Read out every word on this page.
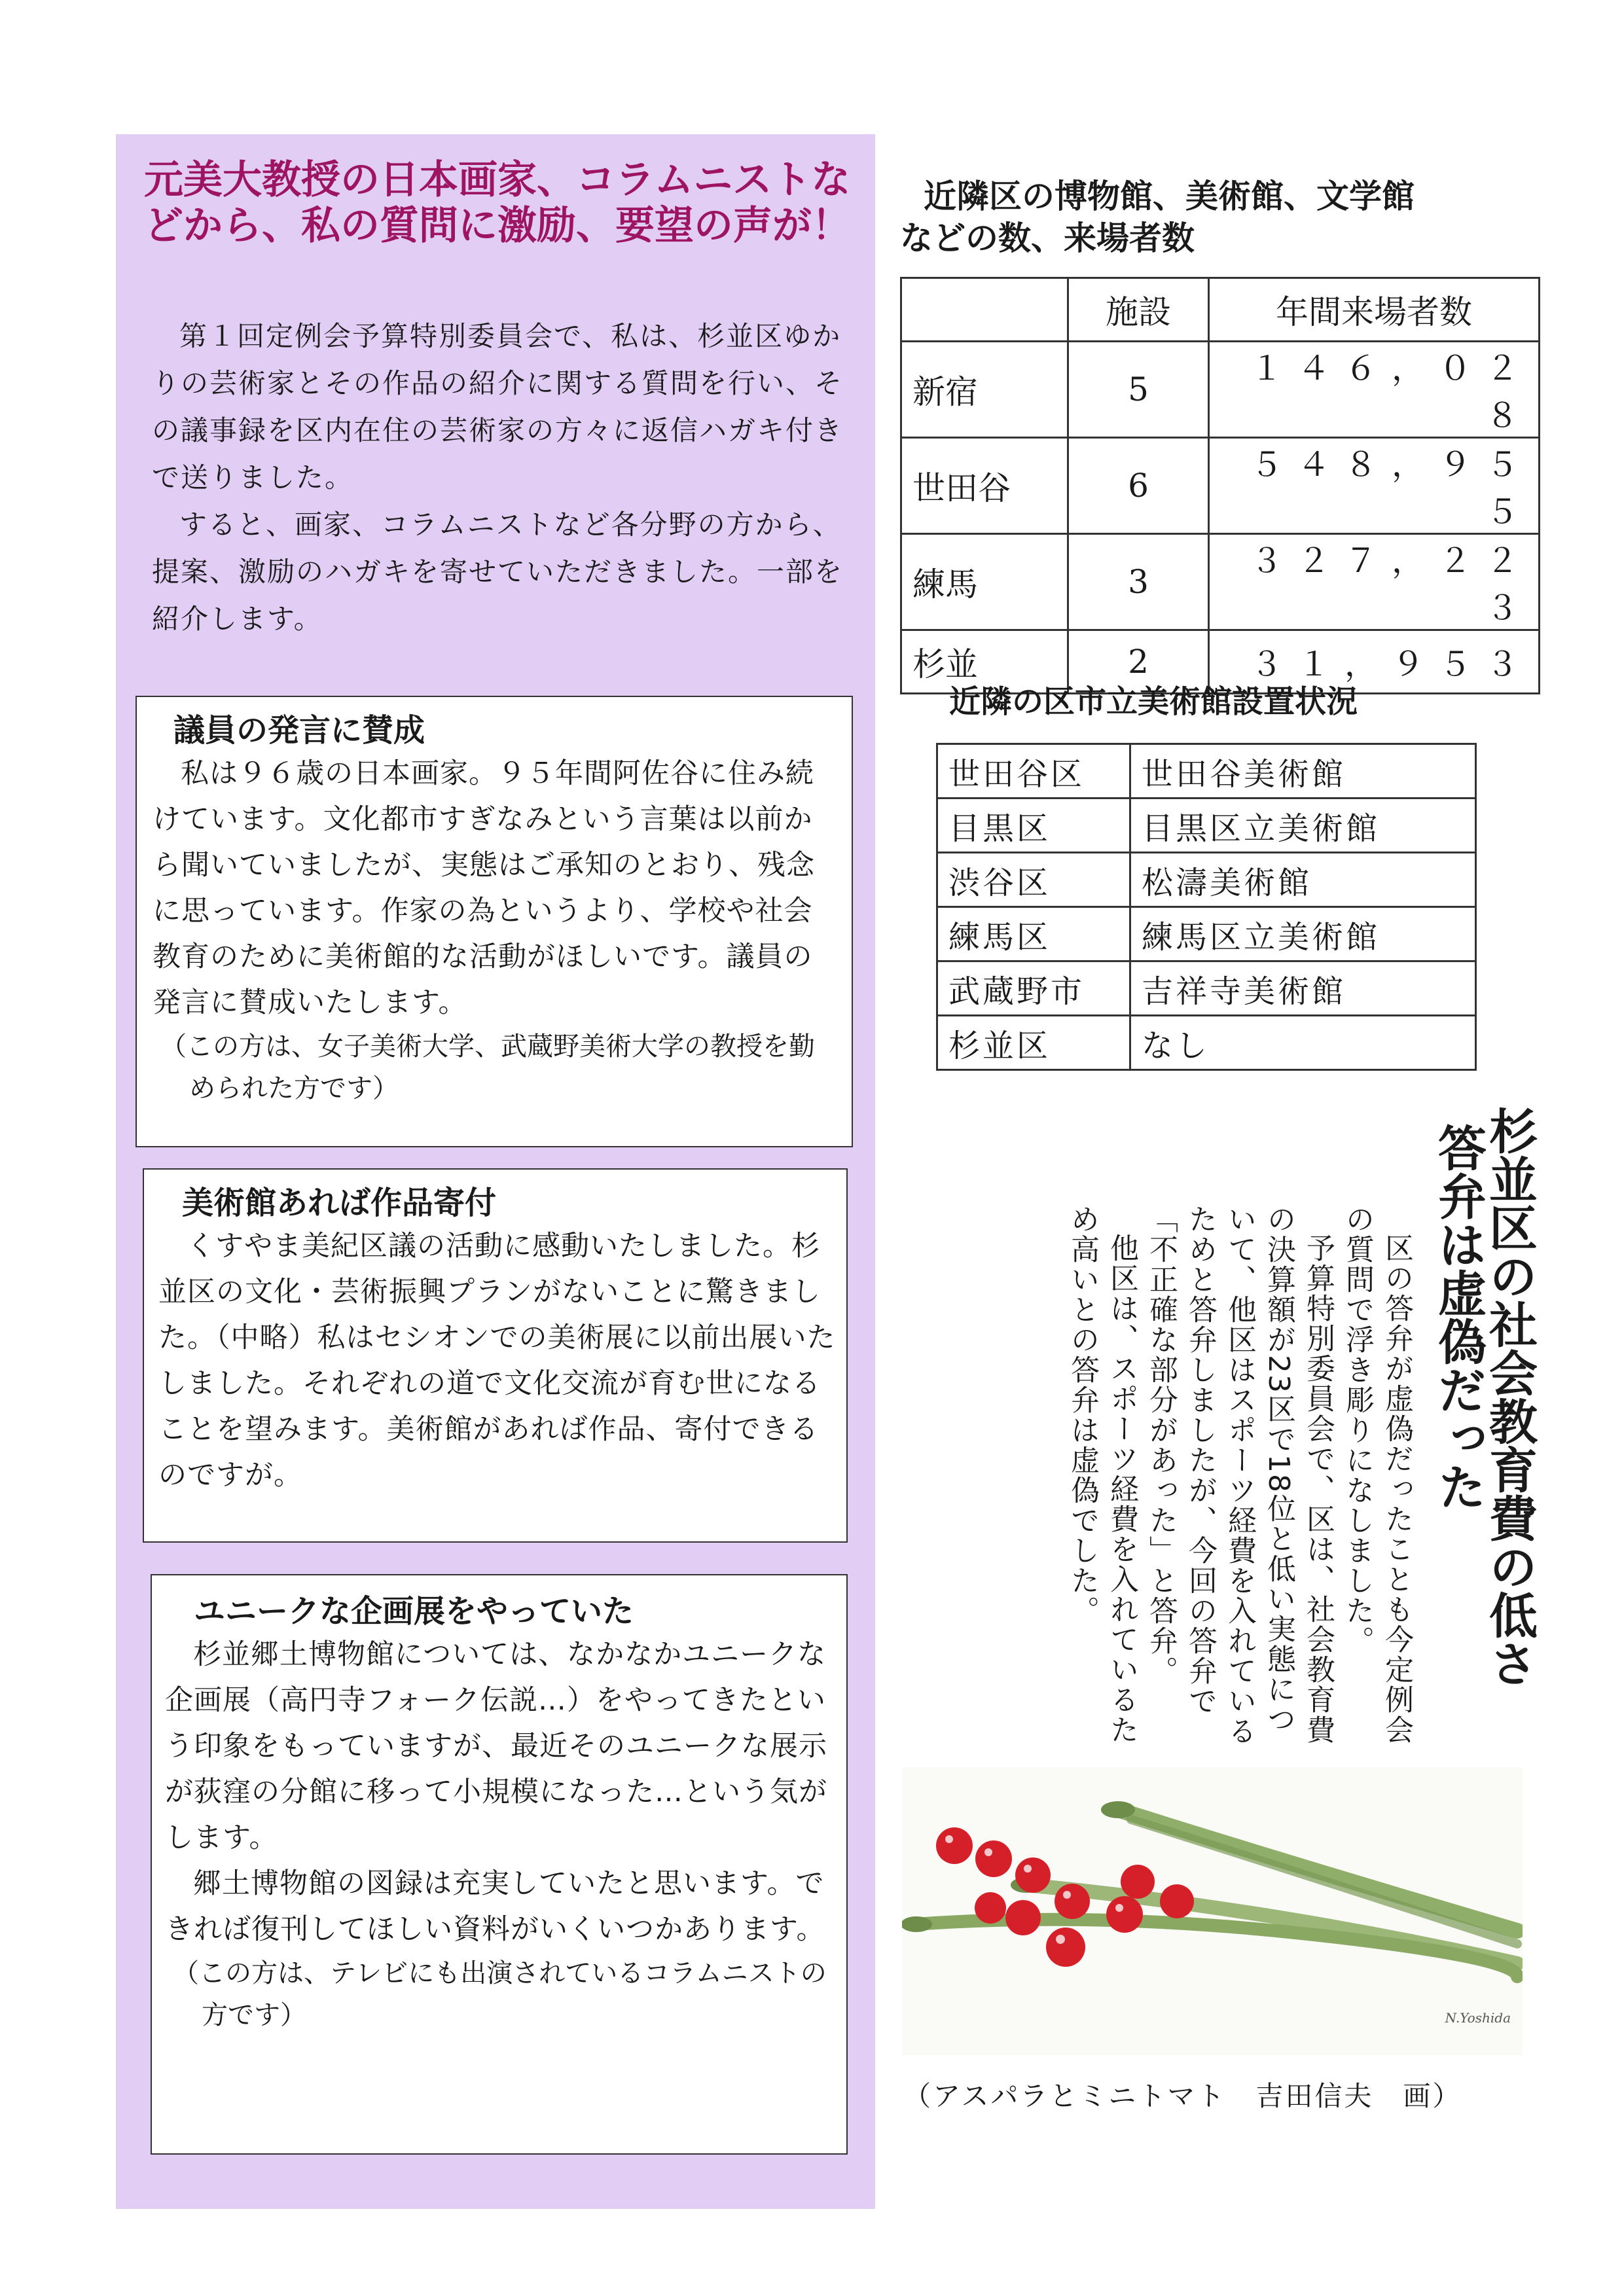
元美大教授の日本画家、コラムニストなどから、私の質問に激励、要望の声が！

第１回定例会予算特別委員会で、私は、杉並区ゆかりの芸術家とその作品の紹介に関する質問を行い、その議事録を区内在住の芸術家の方々に返信ハガキ付きで送りました。

すると、画家、コラムニストなど各分野の方から、提案、激励のハガキを寄せていただきました。一部を紹介します。

議員の発言に賛成

私は９６歳の日本画家。９５年間阿佐谷に住み続けています。文化都市すぎなみという言葉は以前から聞いていましたが、実態はご承知のとおり、残念に思っています。作家の為というより、学校や社会教育のために美術館的な活動がほしいです。議員の発言に賛成いたします。

（この方は、女子美術大学、武蔵野美術大学の教授を勤められた方です）

美術館あれば作品寄付

くすやま美紀区議の活動に感動いたしました。杉並区の文化・芸術振興プランがないことに驚きました。（中略）私はセシオンでの美術展に以前出展いたしました。それぞれの道で文化交流が育む世になることを望みます。美術館があれば作品、寄付できるのですが。

ユニークな企画展をやっていた

杉並郷土博物館については、なかなかユニークな企画展（高円寺フォーク伝説…）をやってきたという印象をもっていますが、最近そのユニークな展示が荻窪の分館に移って小規模になった…という気がします。

郷土博物館の図録は充実していたと思います。できれば復刊してほしい資料がいくいつかあります。

（この方は、テレビにも出演されているコラムニストの方です）

近隣区の博物館、美術館、文学館
などの数、来場者数
	施設	年間来場者数
新宿	5	１４６，０２８
世田谷	6	５４８，９５５
練馬	3	３２７，２２３
杉並	2	３１，９５３
近隣の区市立美術館設置状況
世田谷区	世田谷美術館
目黒区	目黒区立美術館
渋谷区	松濤美術館
練馬区	練馬区立美術館
武蔵野市	吉祥寺美術館
杉並区	なし
杉並区の社会教育費の低さ
答弁は虚偽だった

区の答弁が虚偽だったことも今定例会の質問で浮き彫りになしました。

予算特別委員会で、区は、社会教育費の決算額が23区で18位と低い実態について、他区はスポーツ経費を入れているためと答弁しましたが、今回の答弁で「不正確な部分があった」と答弁。

他区は、スポーツ経費を入れているため高いとの答弁は虚偽でした。

N.Yoshida

（アスパラとミニトマト　吉田信夫　画）
